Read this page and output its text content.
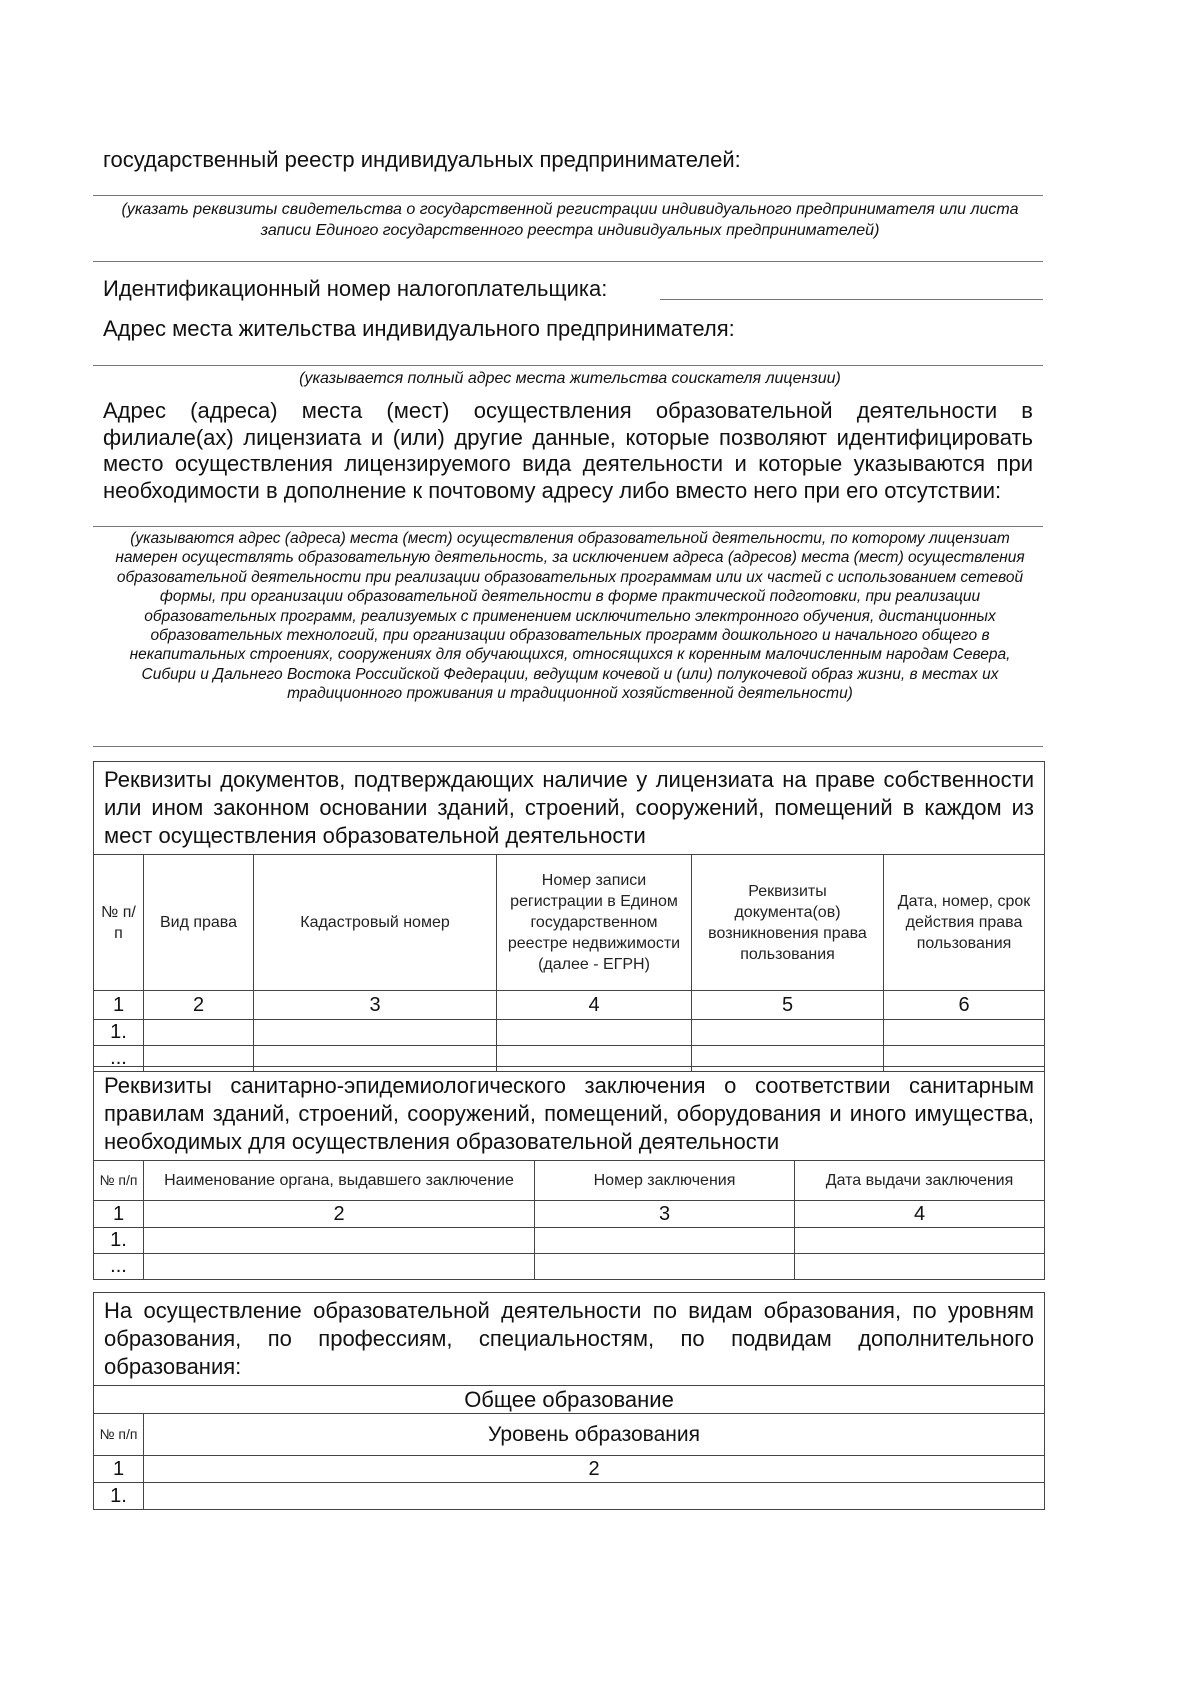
государственный реестр индивидуальных предпринимателей:
(указать реквизиты свидетельства о государственной регистрации индивидуального предпринимателя или листа записи Единого государственного реестра индивидуальных предпринимателей)
Идентификационный номер налогоплательщика:
Адрес места жительства индивидуального предпринимателя:
(указывается полный адрес места жительства соискателя лицензии)
Адрес (адреса) места (мест) осуществления образовательной деятельности в филиале(ах) лицензиата и (или) другие данные, которые позволяют идентифицировать место осуществления лицензируемого вида деятельности и которые указываются при необходимости в дополнение к почтовому адресу либо вместо него при его отсутствии:
(указываются адрес (адреса) места (мест) осуществления образовательной деятельности, по которому лицензиат намерен осуществлять образовательную деятельность, за исключением адреса (адресов) места (мест) осуществления образовательной деятельности при реализации образовательных программам или их частей с использованием сетевой формы, при организации образовательной деятельности в форме практической подготовки, при реализации образовательных программ, реализуемых с применением исключительно электронного обучения, дистанционных образовательных технологий, при организации образовательных программ дошкольного и начального общего в некапитальных строениях, сооружениях для обучающихся, относящихся к коренным малочисленным народам Севера, Сибири и Дальнего Востока Российской Федерации, ведущим кочевой и (или) полукочевой образ жизни, в местах их традиционного проживания и традиционной хозяйственной деятельности)
Реквизиты документов, подтверждающих наличие у лицензиата на праве собственности или ином законном основании зданий, строений, сооружений, помещений в каждом из мест осуществления образовательной деятельности					
№ п/п	Вид права	Кадастровый номер	Номер записи регистрации в Едином государственном реестре недвижимости (далее - ЕГРН)	Реквизиты документа(ов) возникновения права пользования	Дата, номер, срок действия права пользования
1	2	3	4	5	6
1.					
...					
Реквизиты санитарно-эпидемиологического заключения о соответствии санитарным правилам зданий, строений, сооружений, помещений, оборудования и иного имущества, необходимых для осуществления образовательной деятельности			
№ п/п	Наименование органа, выдавшего заключение	Номер заключения	Дата выдачи заключения
1	2	3	4
1.			
...			
На осуществление образовательной деятельности по видам образования, по уровням образования, по профессиям, специальностям, по подвидам дополнительного образования:	
Общее образование	
№ п/п	Уровень образования
1	2
1.	
